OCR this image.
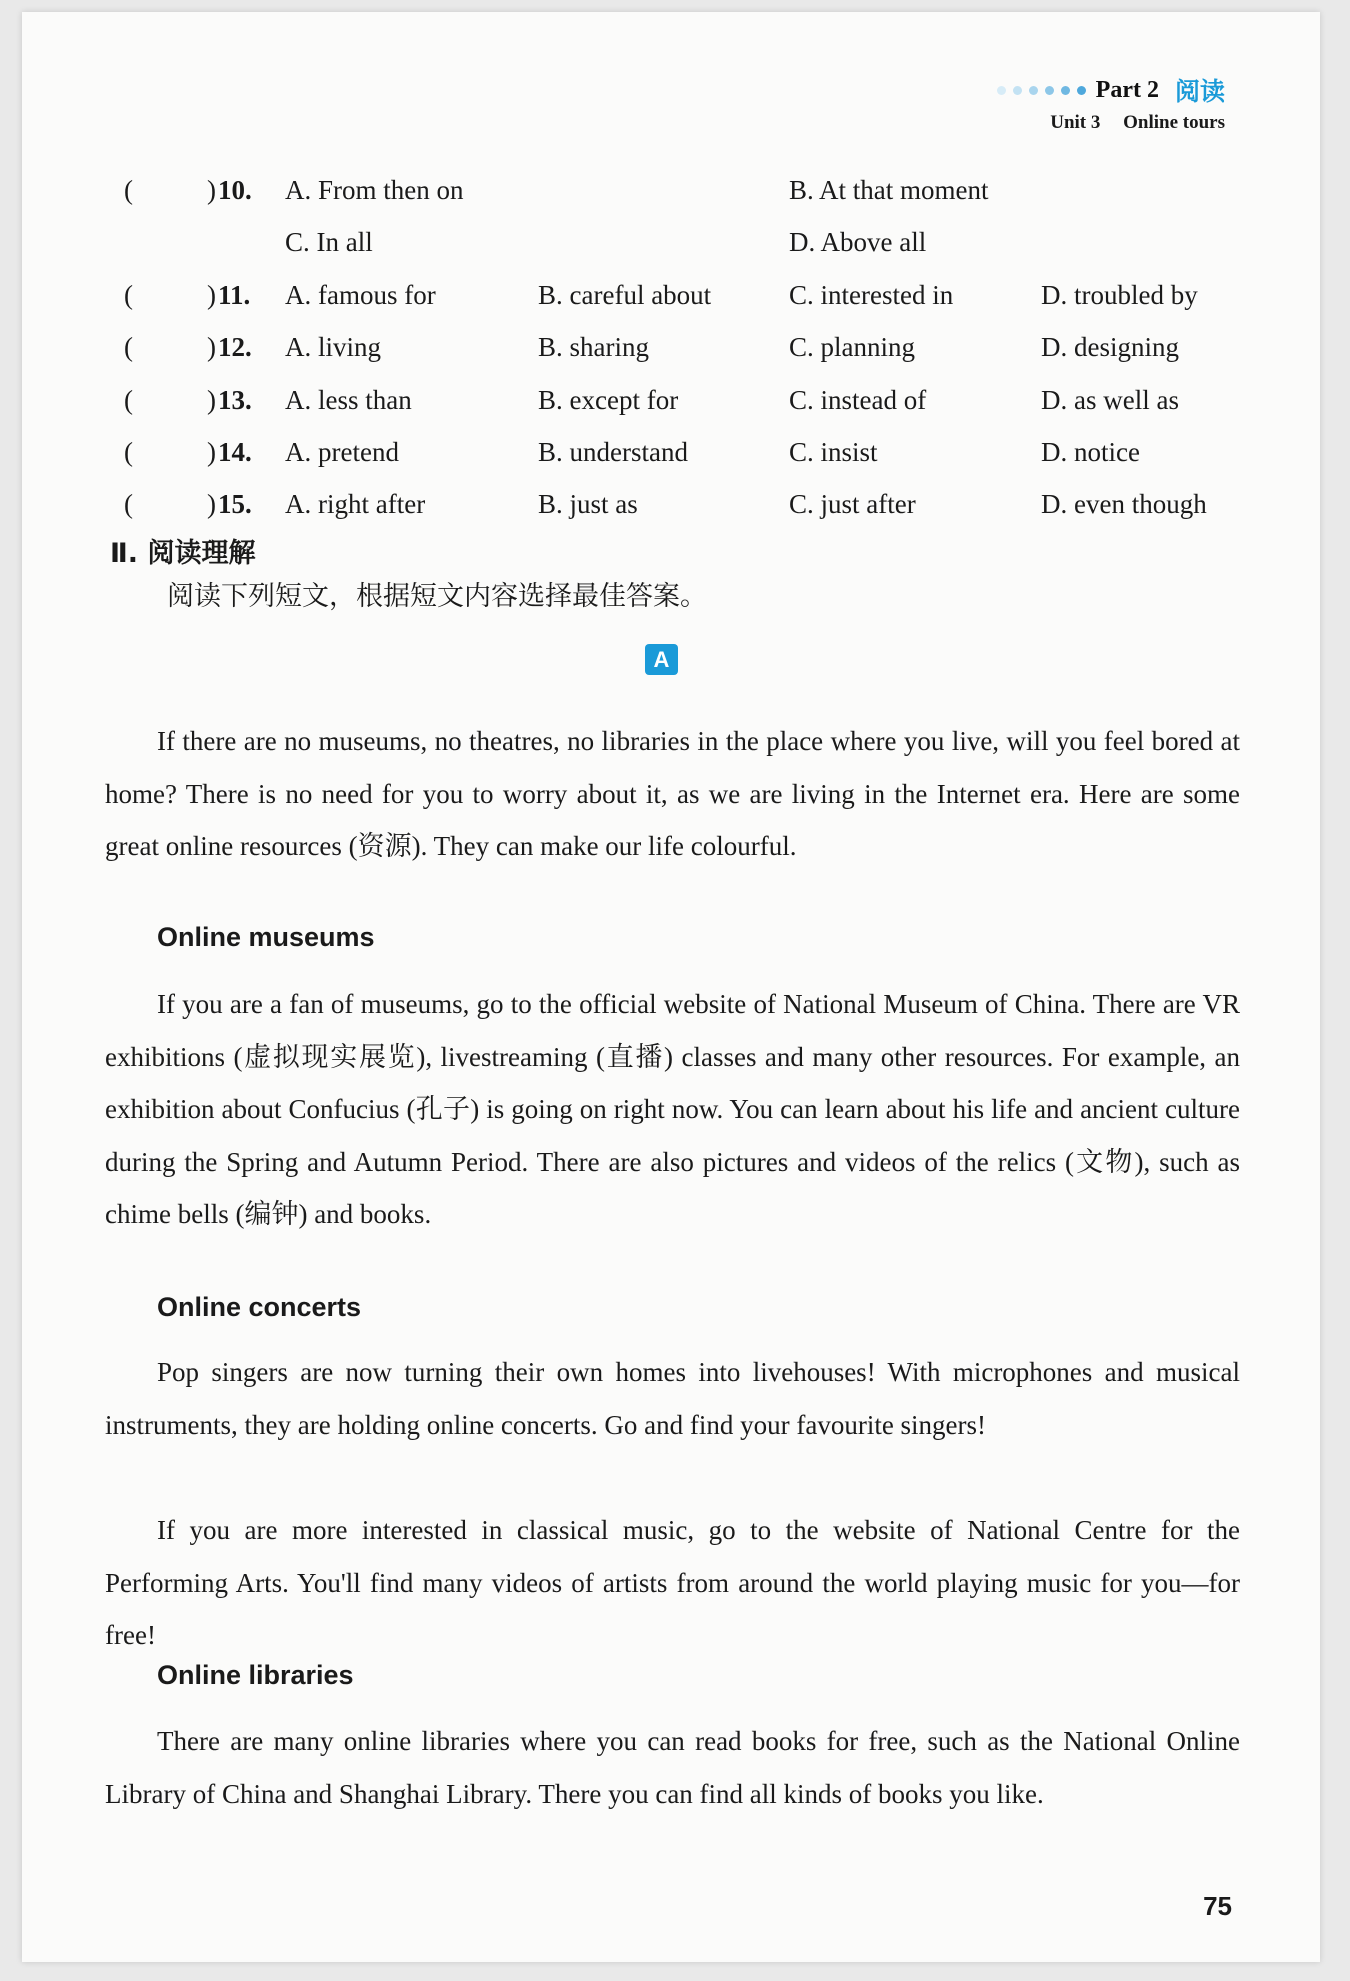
Part 2 阅读
Unit 3 Online tours
(	) 10. A. From then on	B. At that moment
C. In all	D. Above all
(	) 11. A. famous for	B. careful about	C. interested in	D. troubled by
(	) 12. A. living	B. sharing	C. planning	D. designing
(	) 13. A. less than	B. except for	C. instead of	D. as well as
(	) 14. A. pretend	B. understand	C. insist	D. notice
(	) 15. A. right after	B. just as	C. just after	D. even though
Ⅱ. 阅读理解
阅读下列短文，根据短文内容选择最佳答案。
A

If there are no museums, no theatres, no libraries in the place where you live, will you feel bored at home? There is no need for you to worry about it, as we are living in the Internet era. Here are some great online resources (资源). They can make our life colourful.

Online museums

If you are a fan of museums, go to the official website of National Museum of China. There are VR exhibitions (虚拟现实展览), livestreaming (直播) classes and many other resources. For example, an exhibition about Confucius (孔子) is going on right now. You can learn about his life and ancient culture during the Spring and Autumn Period. There are also pictures and videos of the relics (文物), such as chime bells (编钟) and books.

Online concerts

Pop singers are now turning their own homes into livehouses! With microphones and musical instruments, they are holding online concerts. Go and find your favourite singers!

If you are more interested in classical music, go to the website of National Centre for the Performing Arts. You'll find many videos of artists from around the world playing music for you—for free!

Online libraries

There are many online libraries where you can read books for free, such as the National Online Library of China and Shanghai Library. There you can find all kinds of books you like.

75
